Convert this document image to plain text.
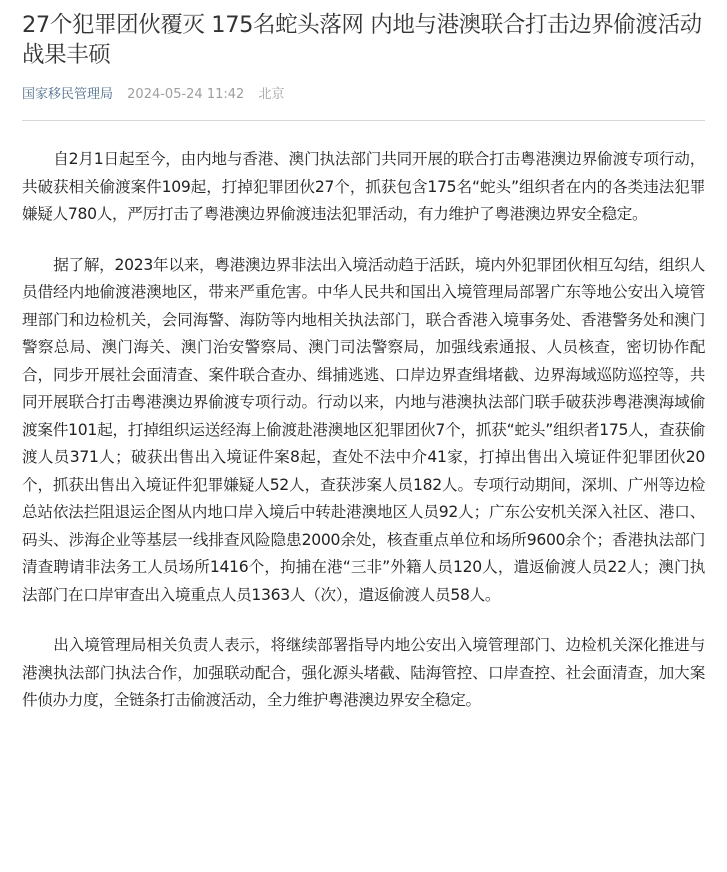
27个犯罪团伙覆灭 175名蛇头落网 内地与港澳联合打击边界偷渡活动战果丰硕
国家移民管理局 2024-05-24 11:42 北京

自2月1日起至今，由内地与香港、澳门执法部门共同开展的联合打击粤港澳边界偷渡专项行动，共破获相关偷渡案件109起，打掉犯罪团伙27个，抓获包含175名“蛇头”组织者在内的各类违法犯罪嫌疑人780人，严厉打击了粤港澳边界偷渡违法犯罪活动，有力维护了粤港澳边界安全稳定。

据了解，2023年以来，粤港澳边界非法出入境活动趋于活跃，境内外犯罪团伙相互勾结，组织人员借经内地偷渡港澳地区，带来严重危害。中华人民共和国出入境管理局部署广东等地公安出入境管理部门和边检机关，会同海警、海防等内地相关执法部门，联合香港入境事务处、香港警务处和澳门警察总局、澳门海关、澳门治安警察局、澳门司法警察局，加强线索通报、人员核查，密切协作配合，同步开展社会面清查、案件联合查办、缉捕逃逃、口岸边界查缉堵截、边界海域巡防巡控等，共同开展联合打击粤港澳边界偷渡专项行动。行动以来，内地与港澳执法部门联手破获涉粤港澳海域偷渡案件101起，打掉组织运送经海上偷渡赴港澳地区犯罪团伙7个，抓获“蛇头”组织者175人，查获偷渡人员371人；破获出售出入境证件案8起，查处不法中介41家，打掉出售出入境证件犯罪团伙20个，抓获出售出入境证件犯罪嫌疑人52人，查获涉案人员182人。专项行动期间，深圳、广州等边检总站依法拦阻退运企图从内地口岸入境后中转赴港澳地区人员92人；广东公安机关深入社区、港口、码头、涉海企业等基层一线排查风险隐患2000余处，核查重点单位和场所9600余个；香港执法部门清查聘请非法务工人员场所1416个，拘捕在港“三非”外籍人员120人，遣返偷渡人员22人；澳门执法部门在口岸审查出入境重点人员1363人（次），遣返偷渡人员58人。

出入境管理局相关负责人表示，将继续部署指导内地公安出入境管理部门、边检机关深化推进与港澳执法部门执法合作，加强联动配合，强化源头堵截、陆海管控、口岸查控、社会面清查，加大案件侦办力度，全链条打击偷渡活动，全力维护粤港澳边界安全稳定。
